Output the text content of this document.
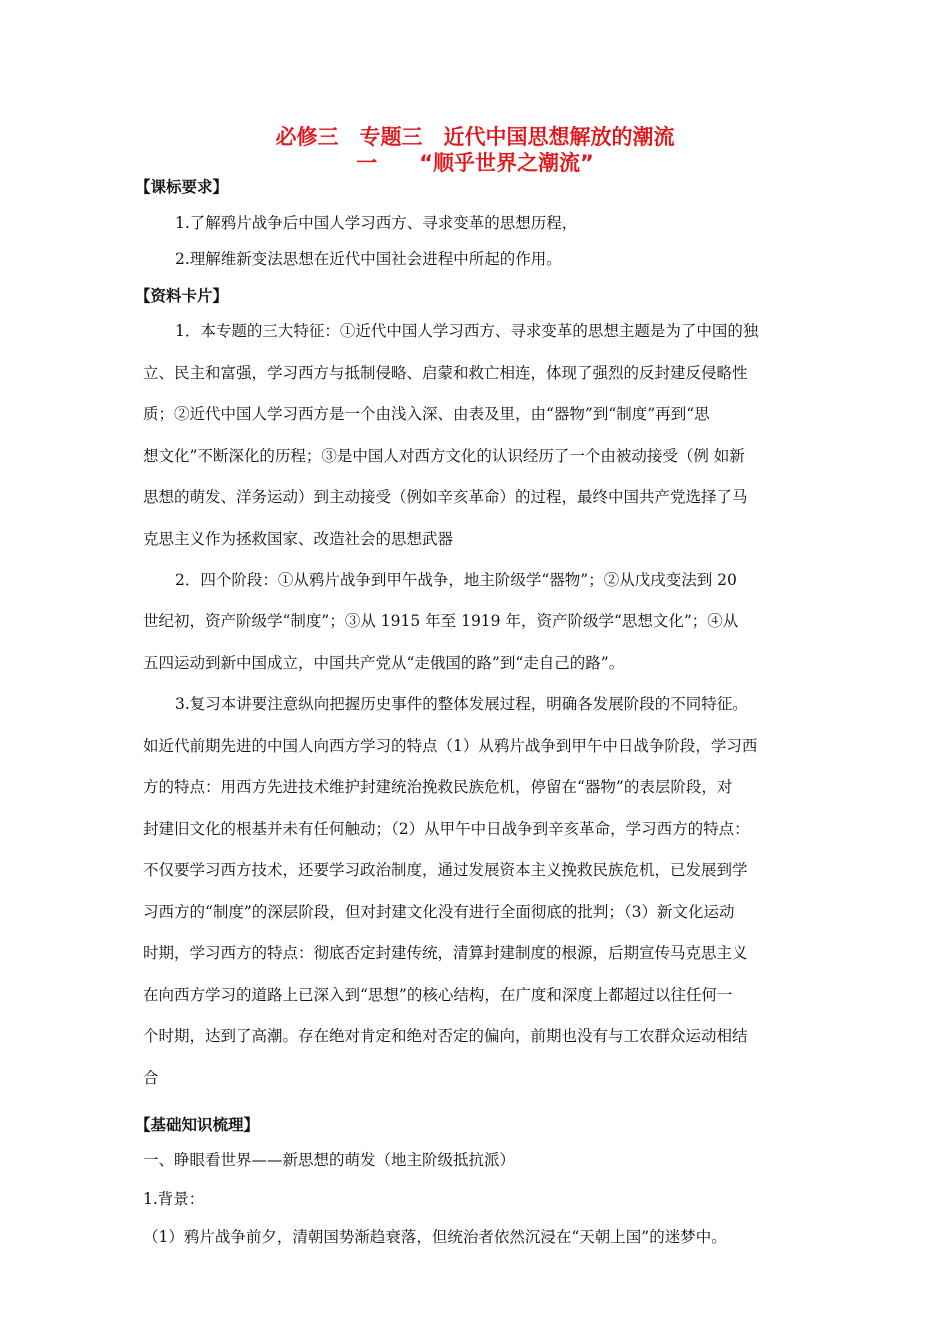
必修三　专题三　近代中国思想解放的潮流
一　　“顺乎世界之潮流”
【课标要求】
1.了解鸦片战争后中国人学习西方、寻求变革的思想历程，
2.理解维新变法思想在近代中国社会进程中所起的作用。
【资料卡片】
1．本专题的三大特征：①近代中国人学习西方、寻求变革的思想主题是为了中国的独
立、民主和富强，学习西方与抵制侵略、启蒙和救亡相连，体现了强烈的反封建反侵略性
质；②近代中国人学习西方是一个由浅入深、由表及里，由“器物”到“制度”再到“思
想文化”不断深化的历程；③是中国人对西方文化的认识经历了一个由被动接受（例 如新
思想的萌发、洋务运动）到主动接受（例如辛亥革命）的过程，最终中国共产党选择了马
克思主义作为拯救国家、改造社会的思想武器
2．四个阶段：①从鸦片战争到甲午战争，地主阶级学“器物”；②从戊戌变法到 20
世纪初，资产阶级学“制度”；③从 1915 年至 1919 年，资产阶级学“思想文化”；④从
五四运动到新中国成立，中国共产党从“走俄国的路”到“走自己的路”。
3.复习本讲要注意纵向把握历史事件的整体发展过程，明确各发展阶段的不同特征。
如近代前期先进的中国人向西方学习的特点（1）从鸦片战争到甲午中日战争阶段，学习西
方的特点：用西方先进技术维护封建统治挽救民族危机，停留在“器物”的表层阶段，对
封建旧文化的根基并未有任何触动；（2）从甲午中日战争到辛亥革命，学习西方的特点：
不仅要学习西方技术，还要学习政治制度，通过发展资本主义挽救民族危机，已发展到学
习西方的“制度”的深层阶段，但对封建文化没有进行全面彻底的批判；（3）新文化运动
时期，学习西方的特点：彻底否定封建传统，清算封建制度的根源，后期宣传马克思主义
在向西方学习的道路上已深入到“思想”的核心结构，在广度和深度上都超过以往任何一
个时期，达到了高潮。存在绝对肯定和绝对否定的偏向，前期也没有与工农群众运动相结
合
【基础知识梳理】
一、睁眼看世界——新思想的萌发（地主阶级抵抗派）
1.背景：
（1）鸦片战争前夕，清朝国势渐趋衰落，但统治者依然沉浸在“天朝上国”的迷梦中。
